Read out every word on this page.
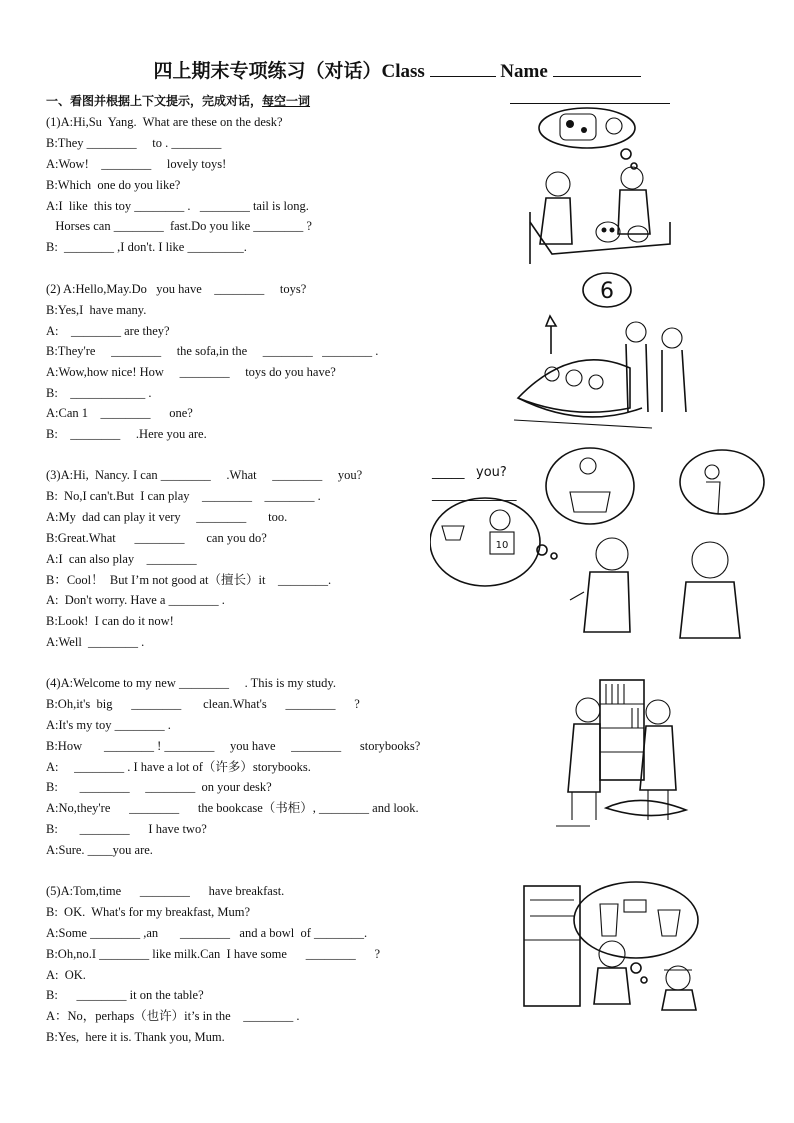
四上期末专项练习（对话）Class	Name
一、看图并根据上下文提示，完成对话，每空一词
(1)A:Hi,Su  Yang.  What are these on the desk?
B:They ________     to . ________
A:Wow!    ________     lovely toys!
B:Which  one do you like?
A:I  like  this toy ________ .   ________ tail is long.
Horses can ________  fast.Do you like ________ ?
B:  ________ ,I don't. I like _________.
(2) A:Hello,May.Do   you have    ________     toys?
B:Yes,I  have many.
A:    ________ are they?
B:They're     ________     the sofa,in the     ________   ________ .
A:Wow,how nice! How     ________     toys do you have?
B:    ____________ .
A:Can 1    ________      one?
B:    ________     .Here you are.
(3)A:Hi,  Nancy. I can ________     .What     ________     you?
B:  No,I can't.But  I can play    ________    ________ .
A:My  dad can play it very     ________       too.
B:Great.What      ________       can you do?
A:I  can also play    ________
B：Cool！  But I’m not good at（擅长）it    ________.
A:  Don't worry. Have a ________ .
B:Look!  I can do it now!
A:Well  ________ .
(4)A:Welcome to my new ________     . This is my study.
B:Oh,it's  big      ________       clean.What's      ________      ?
A:It's my toy ________ .
B:How       ________ ! ________     you have     ________      storybooks?
A:     ________ . I have a lot of（许多）storybooks.
B:       ________     ________  on your desk?
A:No,they're      ________      the bookcase（书柜）, ________ and look.
B:       ________      I have two?
A:Sure. ____you are.
(5)A:Tom,time      ________      have breakfast.
B:  OK.  What's for my breakfast, Mum?
A:Some ________ ,an       ________   and a bowl  of ________.
B:Oh,no.I ________ like milk.Can  I have some      ________      ?
A:  OK.
B:      ________ it on the table?
A：No，perhaps（也许）it’s in the    ________ .
B:Yes,  here it is. Thank you, Mum.
6
_____ you?
_____________
10
